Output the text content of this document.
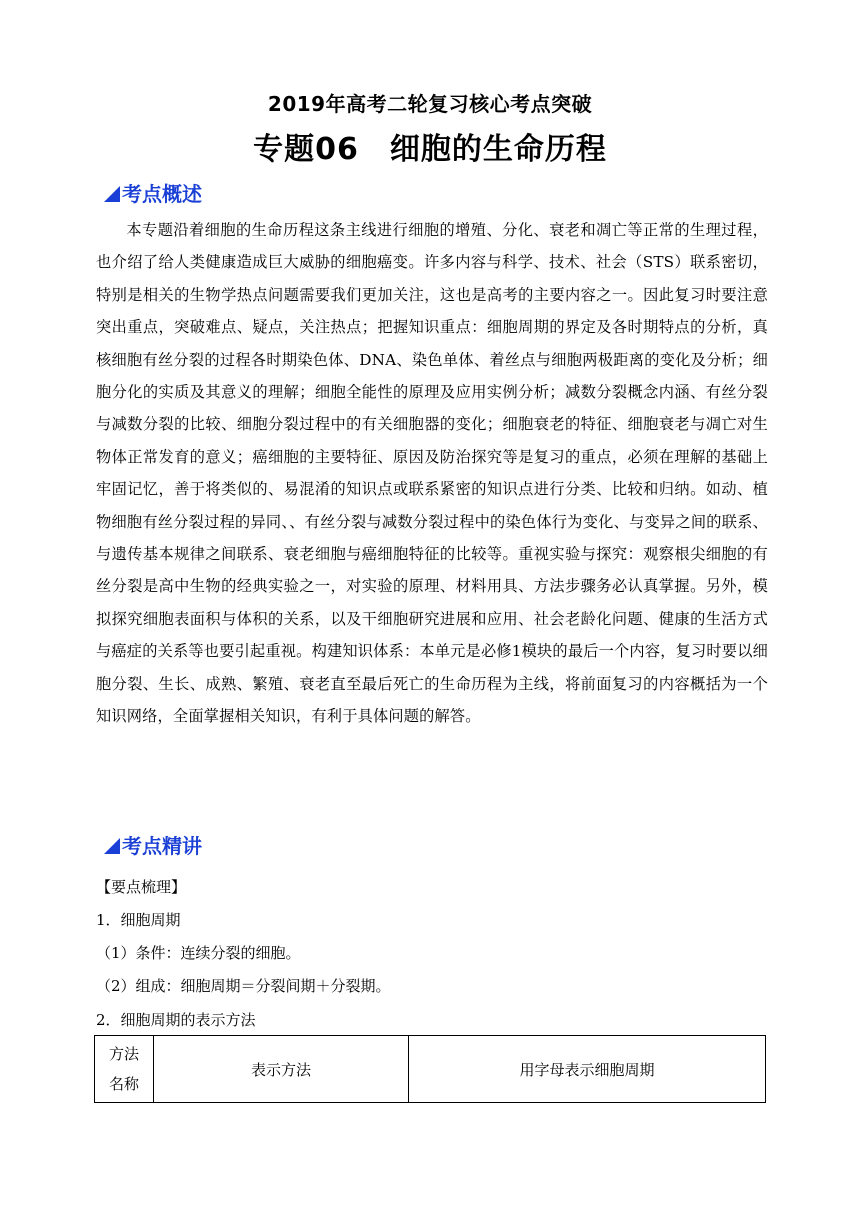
2019年高考二轮复习核心考点突破
专题06　细胞的生命历程
考点概述
本专题沿着细胞的生命历程这条主线进行细胞的增殖、分化、衰老和凋亡等正常的生理过程，也介绍了给人类健康造成巨大威胁的细胞癌变。许多内容与科学、技术、社会（STS）联系密切，特别是相关的生物学热点问题需要我们更加关注，这也是高考的主要内容之一。因此复习时要注意突出重点，突破难点、疑点，关注热点；把握知识重点：细胞周期的界定及各时期特点的分析，真核细胞有丝分裂的过程各时期染色体、DNA、染色单体、着丝点与细胞两极距离的变化及分析；细胞分化的实质及其意义的理解；细胞全能性的原理及应用实例分析；减数分裂概念内涵、有丝分裂与减数分裂的比较、细胞分裂过程中的有关细胞器的变化；细胞衰老的特征、细胞衰老与凋亡对生物体正常发育的意义；癌细胞的主要特征、原因及防治探究等是复习的重点，必须在理解的基础上牢固记忆，善于将类似的、易混淆的知识点或联系紧密的知识点进行分类、比较和归纳。如动、植物细胞有丝分裂过程的异同、、有丝分裂与减数分裂过程中的染色体行为变化、与变异之间的联系、与遗传基本规律之间联系、衰老细胞与癌细胞特征的比较等。重视实验与探究：观察根尖细胞的有丝分裂是高中生物的经典实验之一，对实验的原理、材料用具、方法步骤务必认真掌握。另外，模拟探究细胞表面积与体积的关系，以及干细胞研究进展和应用、社会老龄化问题、健康的生活方式与癌症的关系等也要引起重视。构建知识体系：本单元是必修1模块的最后一个内容，复习时要以细胞分裂、生长、成熟、繁殖、衰老直至最后死亡的生命历程为主线，将前面复习的内容概括为一个知识网络，全面掌握相关知识，有利于具体问题的解答。
考点精讲
【要点梳理】
1．细胞周期
（1）条件：连续分裂的细胞。
（2）组成：细胞周期＝分裂间期＋分裂期。
2．细胞周期的表示方法
方法
名称
	表示方法	用字母表示细胞周期
